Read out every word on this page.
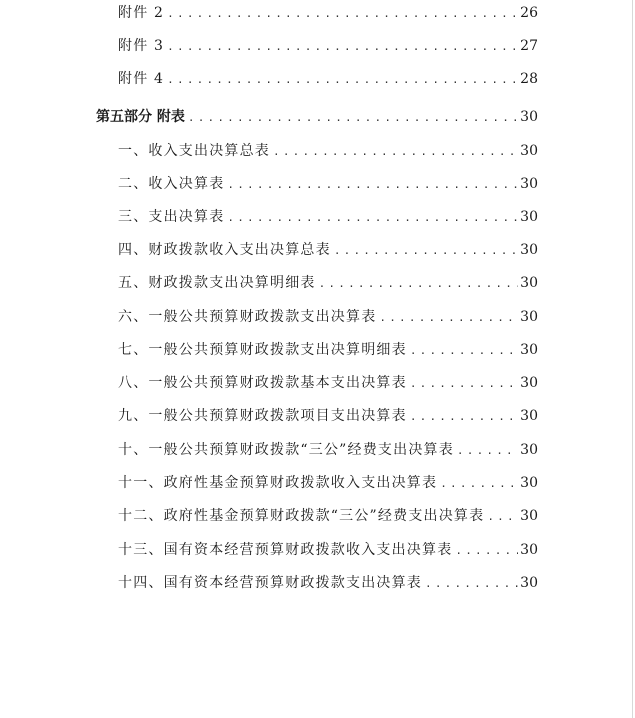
附件 2 .....	26
附件 3 .....	27
附件 4 .....	28
第五部分 附表 .....	30
一、收入支出决算总表 .....	30
二、收入决算表 .....	30
三、支出决算表 .....	30
四、财政拨款收入支出决算总表 .....	30
五、财政拨款支出决算明细表 .....	30
六、一般公共预算财政拨款支出决算表 .....	30
七、一般公共预算财政拨款支出决算明细表 .....	30
八、一般公共预算财政拨款基本支出决算表 .....	30
九、一般公共预算财政拨款项目支出决算表 .....	30
十、一般公共预算财政拨款“三公”经费支出决算表 .....	30
十一、政府性基金预算财政拨款收入支出决算表 .....	30
十二、政府性基金预算财政拨款“三公”经费支出决算表 .....	30
十三、国有资本经营预算财政拨款收入支出决算表 .....	30
十四、国有资本经营预算财政拨款支出决算表 .....	30
